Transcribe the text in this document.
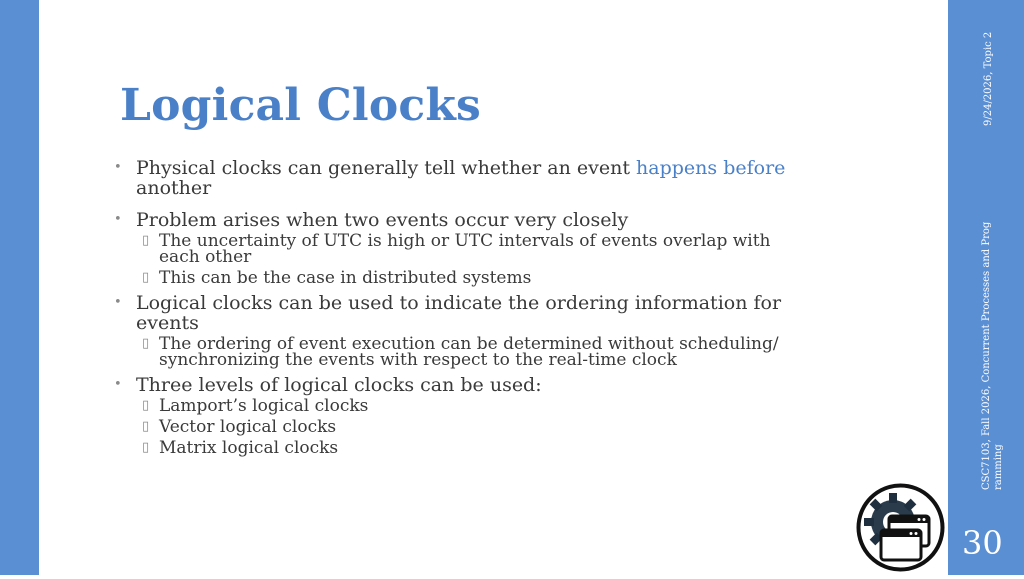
Logical Clocks
• Physical clocks can generally tell whether an event happens before
another
• Problem arises when two events occur very closely
▯ The uncertainty of UTC is high or UTC intervals of events overlap with
each other
▯ This can be the case in distributed systems
• Logical clocks can be used to indicate the ordering information for
events
▯ The ordering of event execution can be determined without scheduling/
synchronizing the events with respect to the real-time clock
• Three levels of logical clocks can be used:
▯ Lamport’s logical clocks
▯ Vector logical clocks
▯ Matrix logical clocks
9/24/2026, Topic 2
CSC7103, Fall 2026, Concurrent Processes and Prog ramming
30
